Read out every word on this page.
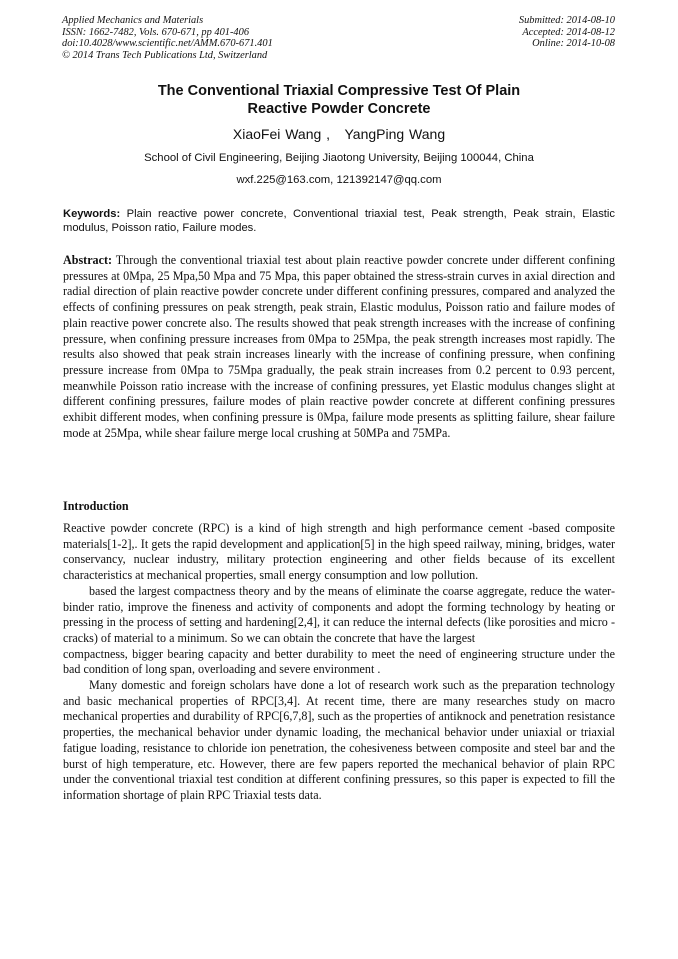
Applied Mechanics and Materials
ISSN: 1662-7482, Vols. 670-671, pp 401-406
doi:10.4028/www.scientific.net/AMM.670-671.401
© 2014 Trans Tech Publications Ltd, Switzerland
Submitted: 2014-08-10
Accepted: 2014-08-12
Online: 2014-10-08
The Conventional Triaxial Compressive Test Of Plain
Reactive Powder Concrete
XiaoFei Wang ,   YangPing Wang
School of Civil Engineering, Beijing Jiaotong University, Beijing 100044, China
wxf.225@163.com, 121392147@qq.com
Keywords: Plain reactive power concrete, Conventional triaxial test, Peak strength, Peak strain, Elastic modulus, Poisson ratio, Failure modes.
Abstract: Through the conventional triaxial test about plain reactive powder concrete under different confining pressures at 0Mpa, 25 Mpa,50 Mpa and 75 Mpa, this paper obtained the stress-strain curves in axial direction and radial direction of plain reactive powder concrete under different confining pressures, compared and analyzed the effects of confining pressures on peak strength, peak strain, Elastic modulus, Poisson ratio and failure modes of plain reactive power concrete also. The results showed that peak strength increases with the increase of confining pressure, when confining pressure increases from 0Mpa to 25Mpa, the peak strength increases most rapidly. The results also showed that peak strain increases linearly with the increase of confining pressure, when confining pressure increase from 0Mpa to 75Mpa gradually, the peak strain increases from 0.2 percent to 0.93 percent, meanwhile Poisson ratio increase with the increase of confining pressures, yet Elastic modulus changes slight at different confining pressures, failure modes of plain reactive powder concrete at different confining pressures exhibit different modes, when confining pressure is 0Mpa, failure mode presents as splitting failure, shear failure mode at 25Mpa, while shear failure merge local crushing at 50MPa and 75MPa.
Introduction

Reactive powder concrete (RPC) is a kind of high strength and high performance cement -based composite materials[1-2],. It gets the rapid development and application[5] in the high speed railway, mining, bridges, water conservancy, nuclear industry, military protection engineering and other fields because of its excellent characteristics at mechanical properties, small energy consumption and low pollution.

based the largest compactness theory and by the means of eliminate the coarse aggregate, reduce the water-binder ratio, improve the fineness and activity of components and adopt the forming technology by heating or pressing in the process of setting and hardening[2,4], it can reduce the internal defects (like porosities and micro -cracks) of material to a minimum. So we can obtain the concrete that have the largest

compactness, bigger bearing capacity and better durability to meet the need of engineering structure under the bad condition of long span, overloading and severe environment .

Many domestic and foreign scholars have done a lot of research work such as the preparation technology and basic mechanical properties of RPC[3,4]. At recent time, there are many researches study on macro mechanical properties and durability of RPC[6,7,8], such as the properties of antiknock and penetration resistance properties, the mechanical behavior under dynamic loading, the mechanical behavior under uniaxial or triaxial fatigue loading, resistance to chloride ion penetration, the cohesiveness between composite and steel bar and the burst of high temperature, etc. However, there are few papers reported the mechanical behavior of plain RPC under the conventional triaxial test condition at different confining pressures, so this paper is expected to fill the information shortage of plain RPC Triaxial tests data.
